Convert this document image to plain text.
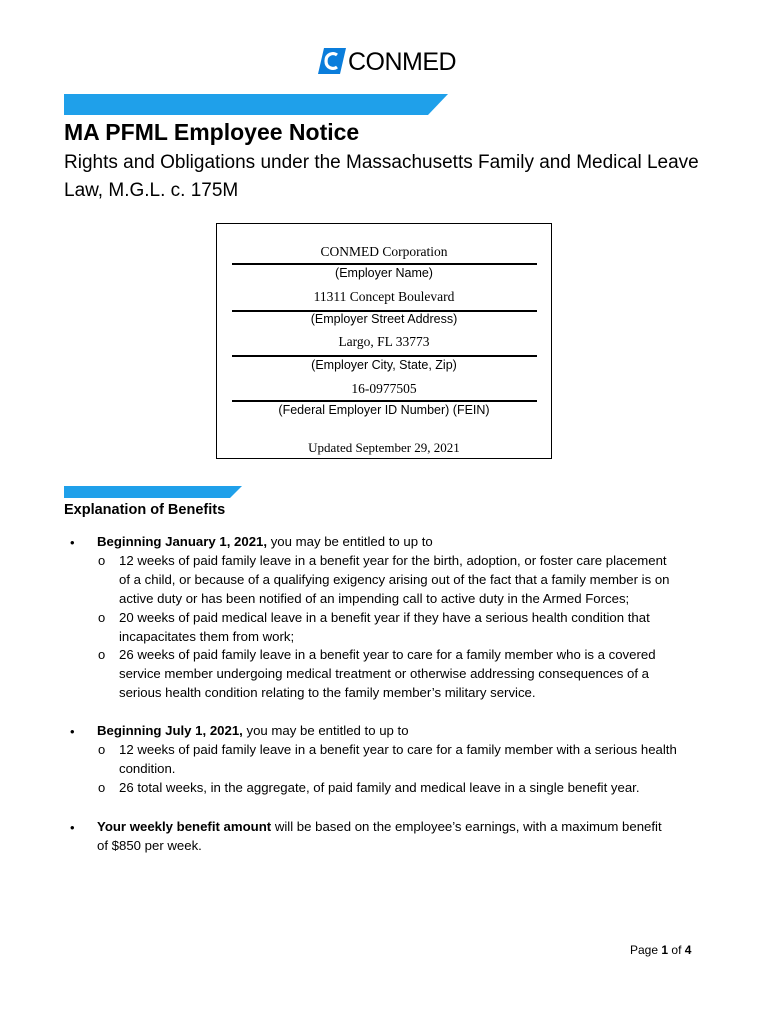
CONMED
MA PFML Employee Notice

Rights and Obligations under the Massachusetts Family and Medical Leave Law, M.G.L. c. 175M

CONMED Corporation
(Employer Name)
11311 Concept Boulevard
(Employer Street Address)
Largo, FL 33773
(Employer City, State, Zip)
16-0977505
(Federal Employer ID Number) (FEIN)
Updated September 29, 2021
Explanation of Benefits
• Beginning January 1, 2021, you may be entitled to up to
o 12 weeks of paid family leave in a benefit year for the birth, adoption, or foster care placement
of a child, or because of a qualifying exigency arising out of the fact that a family member is on
active duty or has been notified of an impending call to active duty in the Armed Forces;
o 20 weeks of paid medical leave in a benefit year if they have a serious health condition that
incapacitates them from work;
o 26 weeks of paid family leave in a benefit year to care for a family member who is a covered
service member undergoing medical treatment or otherwise addressing consequences of a
serious health condition relating to the family member’s military service.
• Beginning July 1, 2021, you may be entitled to up to
o 12 weeks of paid family leave in a benefit year to care for a family member with a serious health
condition.
o 26 total weeks, in the aggregate, of paid family and medical leave in a single benefit year.
• Your weekly benefit amount will be based on the employee’s earnings, with a maximum benefit
of $850 per week.
Page 1 of 4
